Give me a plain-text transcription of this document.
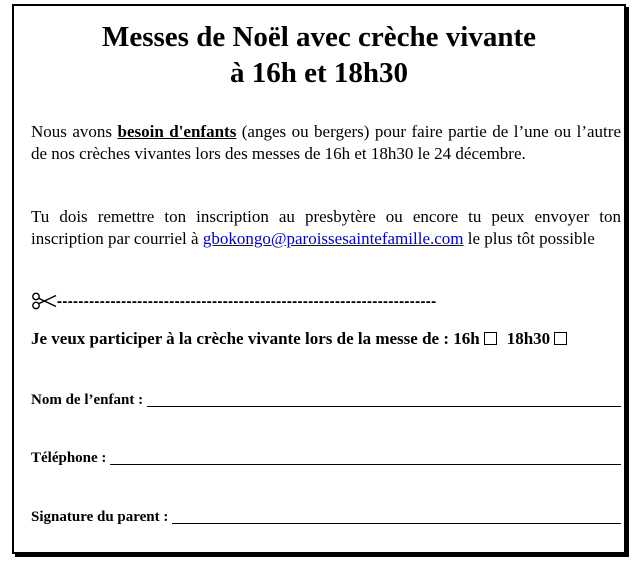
Messes de Noël avec crèche vivante
à 16h et 18h30

Nous avons besoin d'enfants (anges ou bergers) pour faire partie de l’une ou l’autre de nos crèches vivantes lors des messes de 16h et 18h30 le 24 décembre.

Tu dois remettre ton inscription au presbytère ou encore tu peux envoyer ton inscription par courriel à gbokongo@paroissesaintefamille.com le plus tôt possible

-----------------------------------------------------------------------
Je veux participer à la crèche vivante lors de la messe de : 16h 18h30
Nom de l’enfant :
Téléphone :
Signature du parent :
